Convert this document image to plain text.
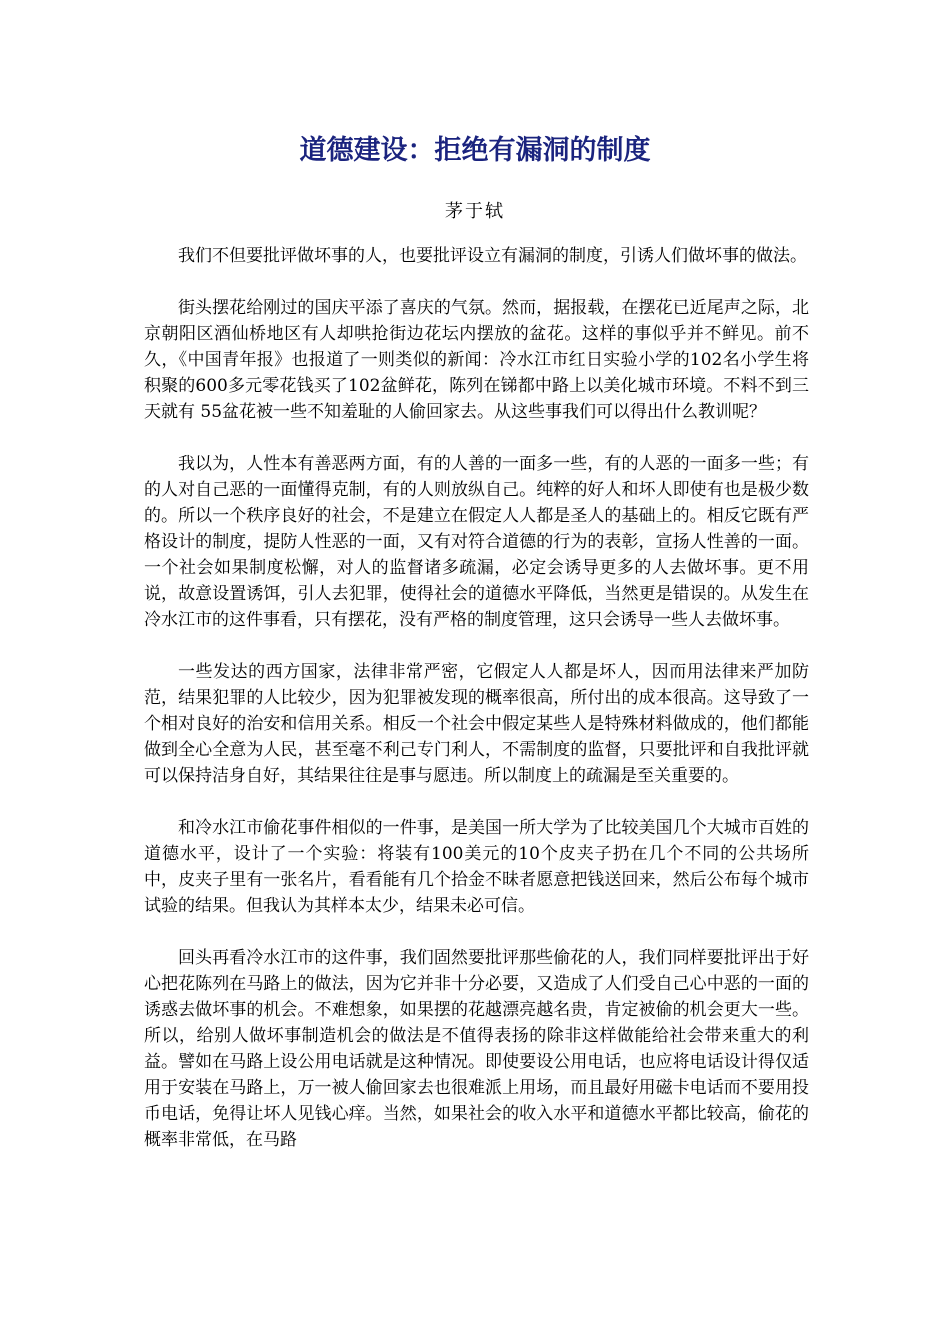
道德建设：拒绝有漏洞的制度
茅于轼

我们不但要批评做坏事的人，也要批评设立有漏洞的制度，引诱人们做坏事的做法。

街头摆花给刚过的国庆平添了喜庆的气氛。然而，据报载，在摆花已近尾声之际，北京朝阳区酒仙桥地区有人却哄抢街边花坛内摆放的盆花。这样的事似乎并不鲜见。前不久，《中国青年报》也报道了一则类似的新闻：冷水江市红日实验小学的102名小学生将积聚的600多元零花钱买了102盆鲜花，陈列在锑都中路上以美化城市环境。不料不到三天就有 55盆花被一些不知羞耻的人偷回家去。从这些事我们可以得出什么教训呢？

我以为，人性本有善恶两方面，有的人善的一面多一些，有的人恶的一面多一些；有的人对自己恶的一面懂得克制，有的人则放纵自己。纯粹的好人和坏人即使有也是极少数的。所以一个秩序良好的社会，不是建立在假定人人都是圣人的基础上的。相反它既有严格设计的制度，提防人性恶的一面，又有对符合道德的行为的表彰，宣扬人性善的一面。一个社会如果制度松懈，对人的监督诸多疏漏，必定会诱导更多的人去做坏事。更不用说，故意设置诱饵，引人去犯罪，使得社会的道德水平降低，当然更是错误的。从发生在冷水江市的这件事看，只有摆花，没有严格的制度管理，这只会诱导一些人去做坏事。

一些发达的西方国家，法律非常严密，它假定人人都是坏人，因而用法律来严加防范，结果犯罪的人比较少，因为犯罪被发现的概率很高，所付出的成本很高。这导致了一个相对良好的治安和信用关系。相反一个社会中假定某些人是特殊材料做成的，他们都能做到全心全意为人民，甚至毫不利己专门利人，不需制度的监督，只要批评和自我批评就可以保持洁身自好，其结果往往是事与愿违。所以制度上的疏漏是至关重要的。

和冷水江市偷花事件相似的一件事，是美国一所大学为了比较美国几个大城市百姓的道德水平，设计了一个实验：将装有100美元的10个皮夹子扔在几个不同的公共场所中，皮夹子里有一张名片，看看能有几个拾金不昧者愿意把钱送回来，然后公布每个城市试验的结果。但我认为其样本太少，结果未必可信。

回头再看冷水江市的这件事，我们固然要批评那些偷花的人，我们同样要批评出于好心把花陈列在马路上的做法，因为它并非十分必要，又造成了人们受自己心中恶的一面的诱惑去做坏事的机会。不难想象，如果摆的花越漂亮越名贵，肯定被偷的机会更大一些。所以，给别人做坏事制造机会的做法是不值得表扬的除非这样做能给社会带来重大的利益。譬如在马路上设公用电话就是这种情况。即使要设公用电话，也应将电话设计得仅适用于安装在马路上，万一被人偷回家去也很难派上用场，而且最好用磁卡电话而不要用投币电话，免得让坏人见钱心痒。当然，如果社会的收入水平和道德水平都比较高，偷花的概率非常低，在马路
